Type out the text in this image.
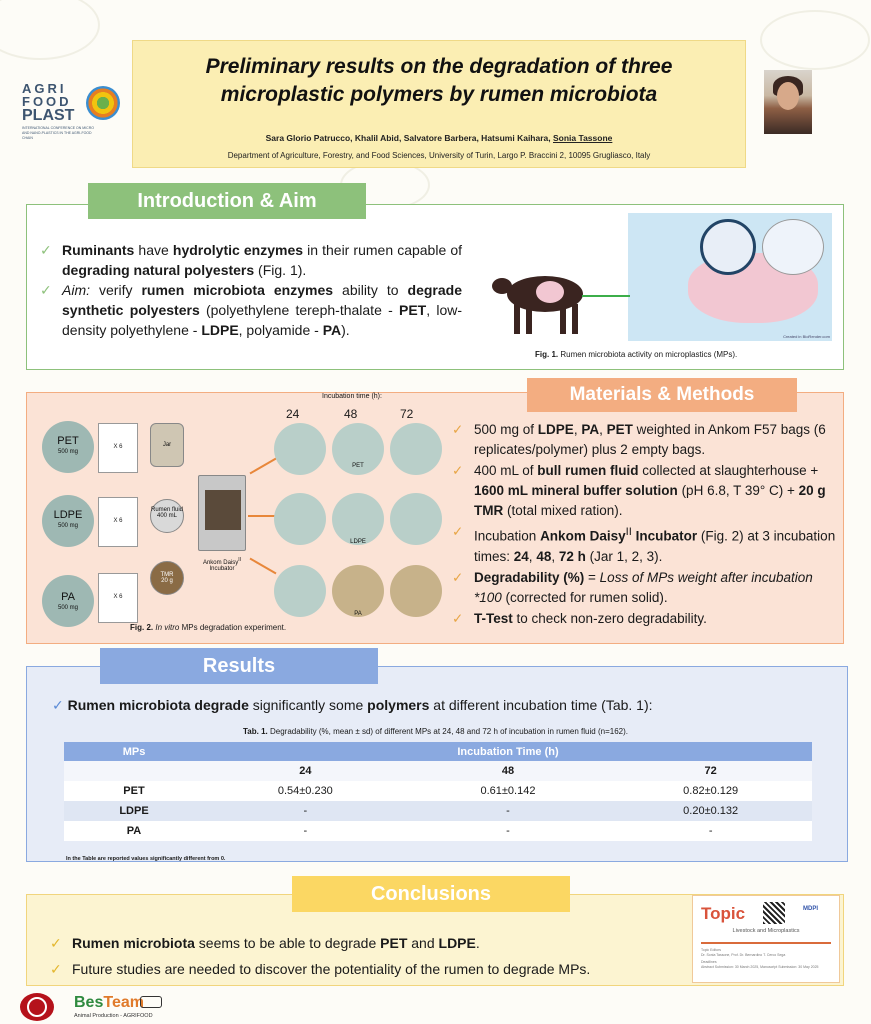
Preliminary results on the degradation of three
microplastic polymers by rumen microbiota
Sara Glorio Patrucco, Khalil Abid, Salvatore Barbera, Hatsumi Kaihara, Sonia Tassone
Department of Agriculture, Forestry, and Food Sciences, University of Turin, Largo P. Braccini 2, 10095 Grugliasco, Italy
AGRI
FOOD
PLAST
INTERNATIONAL CONFERENCE ON MICRO AND NANO-PLASTICS IN THE AGRI-FOOD CHAIN
Introduction & Aim
✓ Ruminants have hydrolytic enzymes in their rumen capable of degrading natural polyesters (Fig. 1).
✓ Aim: verify rumen microbiota enzymes ability to degrade synthetic polyesters (polyethylene tereph-thalate - PET, low-density polyethylene - LDPE, polyamide - PA).	Created in BioRender.com
Fig. 1. Rumen microbiota activity on microplastics (MPs).
Materials & Methods
✓ 500 mg of LDPE, PA, PET weighted in Ankom F57 bags (6 replicates/polymer) plus 2 empty bags.
✓ 400 mL of bull rumen fluid collected at slaughterhouse + 1600 mL mineral buffer solution (pH 6.8, T 39° C) + 20 g TMR (total mixed ration).
✓ Incubation Ankom Daisy$^{II}$ Incubator (Fig. 2) at 3 incubation times: 24, 48, 72 h (Jar 1, 2, 3).
✓ Degradability (%) = Loss of MPs weight after incubation *100 (corrected for rumen solid).
✓ T-Test to check non-zero degradability.
PET
500 mg
LDPE
500 mg
PA
500 mg
X 6
X 6
X 6
Jar
Rumen fluid
400 mL
TMR
20 g
Ankom Daisy$^{II}$
Incubator
Incubation time (h):
24	48	72
PET
LDPE
PA
Fig. 2. In vitro MPs degradation experiment.
Results
✓ Rumen microbiota degrade significantly some polymers at different incubation time (Tab. 1):
Tab. 1. Degradability (%, mean ± sd) of different MPs at 24, 48 and 72 h of incubation in rumen fluid (n=162).
MPs	Incubation Time (h)		
	24	48	72
PET	0.54±0.230	0.61±0.142	0.82±0.129
LDPE	-	-	0.20±0.132
PA	-	-	-
In the Table are reported values significantly different from 0.
Conclusions
✓ Rumen microbiota seems to be able to degrade PET and LDPE.
✓ Future studies are needed to discover the potentiality of the rumen to degrade MPs.
Topic	MDPI
Livestock and Microplastics
Topic Editors
Dr. Sonia Tassone, Prof. Dr. Bernardino T. Cerco Sega
Deadlines
Abstract Submission: 30 March 2025, Manuscript Submission: 30 May 2025
BesTeam
Animal Production - AGRIFOOD
